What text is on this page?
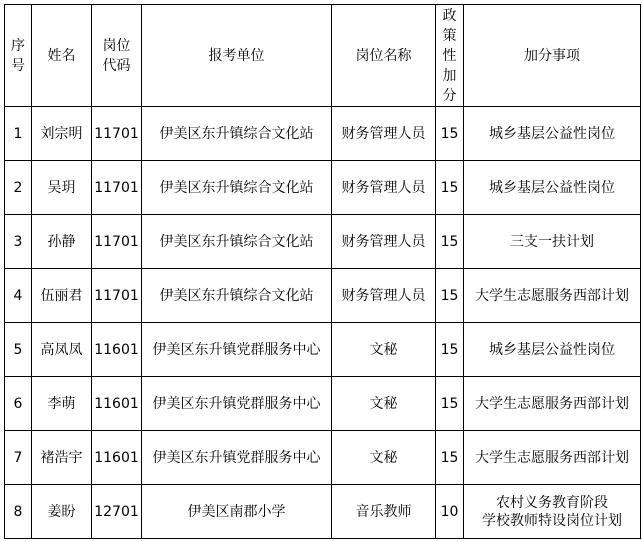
序号	姓名	岗位代码	报考单位	岗位名称	政策性加分	加分事项
1	刘宗明	11701	伊美区东升镇综合文化站	财务管理人员	15	城乡基层公益性岗位
2	吴玥	11701	伊美区东升镇综合文化站	财务管理人员	15	城乡基层公益性岗位
3	孙静	11701	伊美区东升镇综合文化站	财务管理人员	15	三支一扶计划
4	伍丽君	11701	伊美区东升镇综合文化站	财务管理人员	15	大学生志愿服务西部计划
5	高凤凤	11601	伊美区东升镇党群服务中心	文秘	15	城乡基层公益性岗位
6	李萌	11601	伊美区东升镇党群服务中心	文秘	15	大学生志愿服务西部计划
7	褚浩宇	11601	伊美区东升镇党群服务中心	文秘	15	大学生志愿服务西部计划
8	姜盼	12701	伊美区南郡小学	音乐教师	10	农村义务教育阶段
学校教师特设岗位计划
